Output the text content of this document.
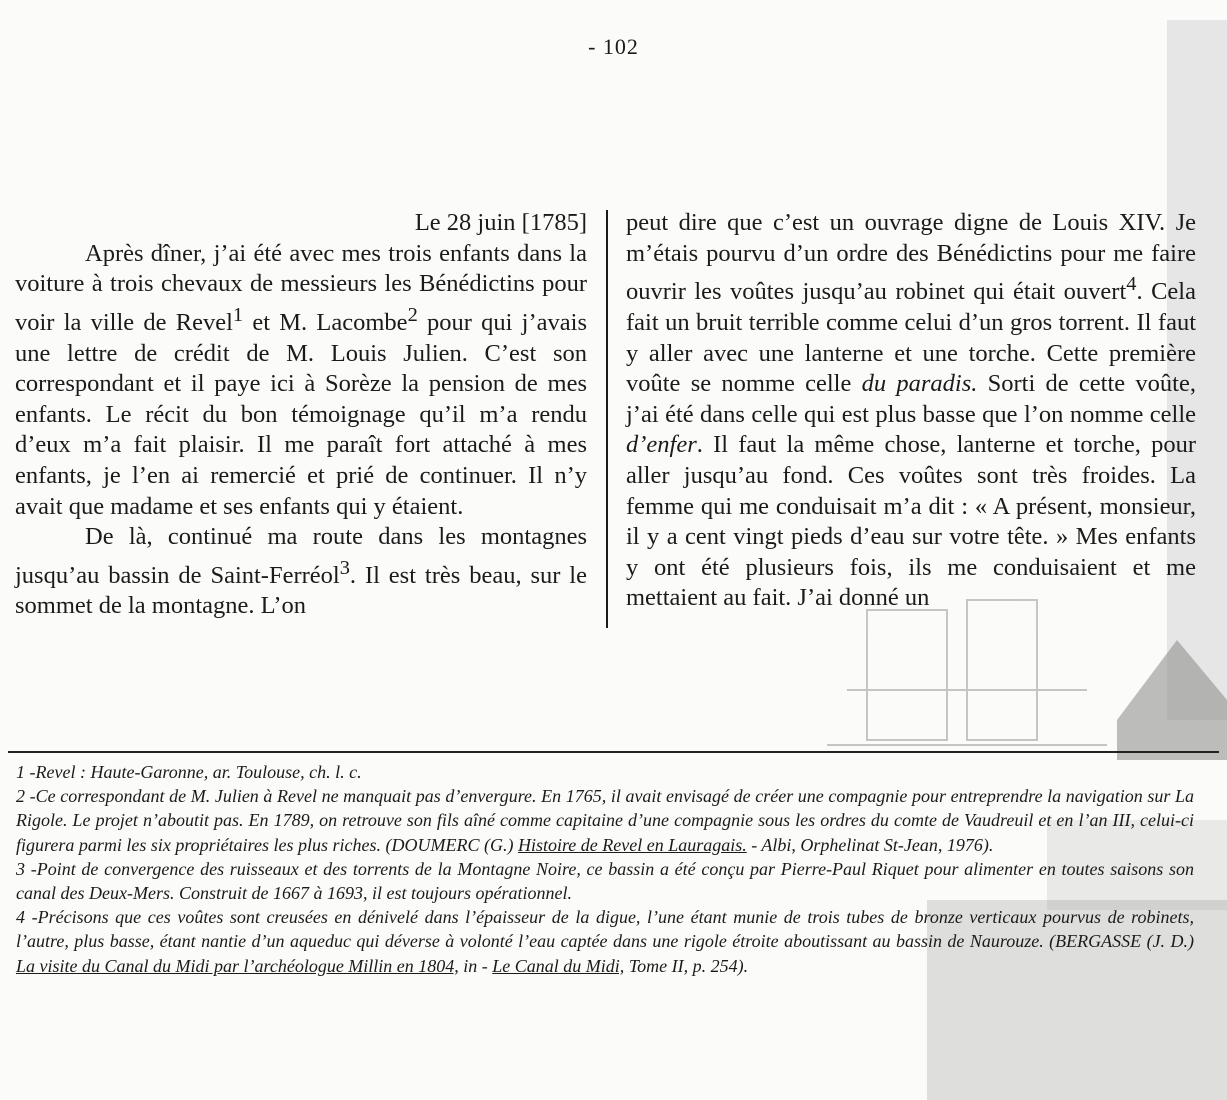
- 102

Le 28 juin [1785]

Après dîner, j’ai été avec mes trois enfants dans la voiture à trois chevaux de messieurs les Bénédictins pour voir la ville de Revel$^1$ et M. Lacombe$^2$ pour qui j’avais une lettre de crédit de M. Louis Julien. C’est son correspondant et il paye ici à Sorèze la pension de mes enfants. Le récit du bon témoignage qu’il m’a rendu d’eux m’a fait plaisir. Il me paraît fort attaché à mes enfants, je l’en ai remercié et prié de continuer. Il n’y avait que madame et ses enfants qui y étaient.

De là, continué ma route dans les montagnes jusqu’au bassin de Saint-Ferréol$^3$. Il est très beau, sur le sommet de la montagne. L’on

peut dire que c’est un ouvrage digne de Louis XIV. Je m’étais pourvu d’un ordre des Bénédictins pour me faire ouvrir les voûtes jusqu’au robinet qui était ouvert$^4$. Cela fait un bruit terrible comme celui d’un gros torrent. Il faut y aller avec une lanterne et une torche. Cette première voûte se nomme celle du paradis. Sorti de cette voûte, j’ai été dans celle qui est plus basse que l’on nomme celle d’enfer. Il faut la même chose, lanterne et torche, pour aller jusqu’au fond. Ces voûtes sont très froides. La femme qui me conduisait m’a dit : « A présent, monsieur, il y a cent vingt pieds d’eau sur votre tête. » Mes enfants y ont été plusieurs fois, ils me conduisaient et me mettaient au fait. J’ai donné un

1 -Revel : Haute-Garonne, ar. Toulouse, ch. l. c.

2 -Ce correspondant de M. Julien à Revel ne manquait pas d’envergure. En 1765, il avait envisagé de créer une compagnie pour entreprendre la navigation sur La Rigole. Le projet n’aboutit pas. En 1789, on retrouve son fils aîné comme capitaine d’une compagnie sous les ordres du comte de Vaudreuil et en l’an III, celui-ci figurera parmi les six propriétaires les plus riches. (DOUMERC (G.) Histoire de Revel en Lauragais. - Albi, Orphelinat St-Jean, 1976).

3 -Point de convergence des ruisseaux et des torrents de la Montagne Noire, ce bassin a été conçu par Pierre-Paul Riquet pour alimenter en toutes saisons son canal des Deux-Mers. Construit de 1667 à 1693, il est toujours opérationnel.

4 -Précisons que ces voûtes sont creusées en dénivelé dans l’épaisseur de la digue, l’une étant munie de trois tubes de bronze verticaux pourvus de robinets, l’autre, plus basse, étant nantie d’un aqueduc qui déverse à volonté l’eau captée dans une rigole étroite aboutissant au bassin de Naurouze. (BERGASSE (J. D.) La visite du Canal du Midi par l’archéologue Millin en 1804, in - Le Canal du Midi, Tome II, p. 254).
